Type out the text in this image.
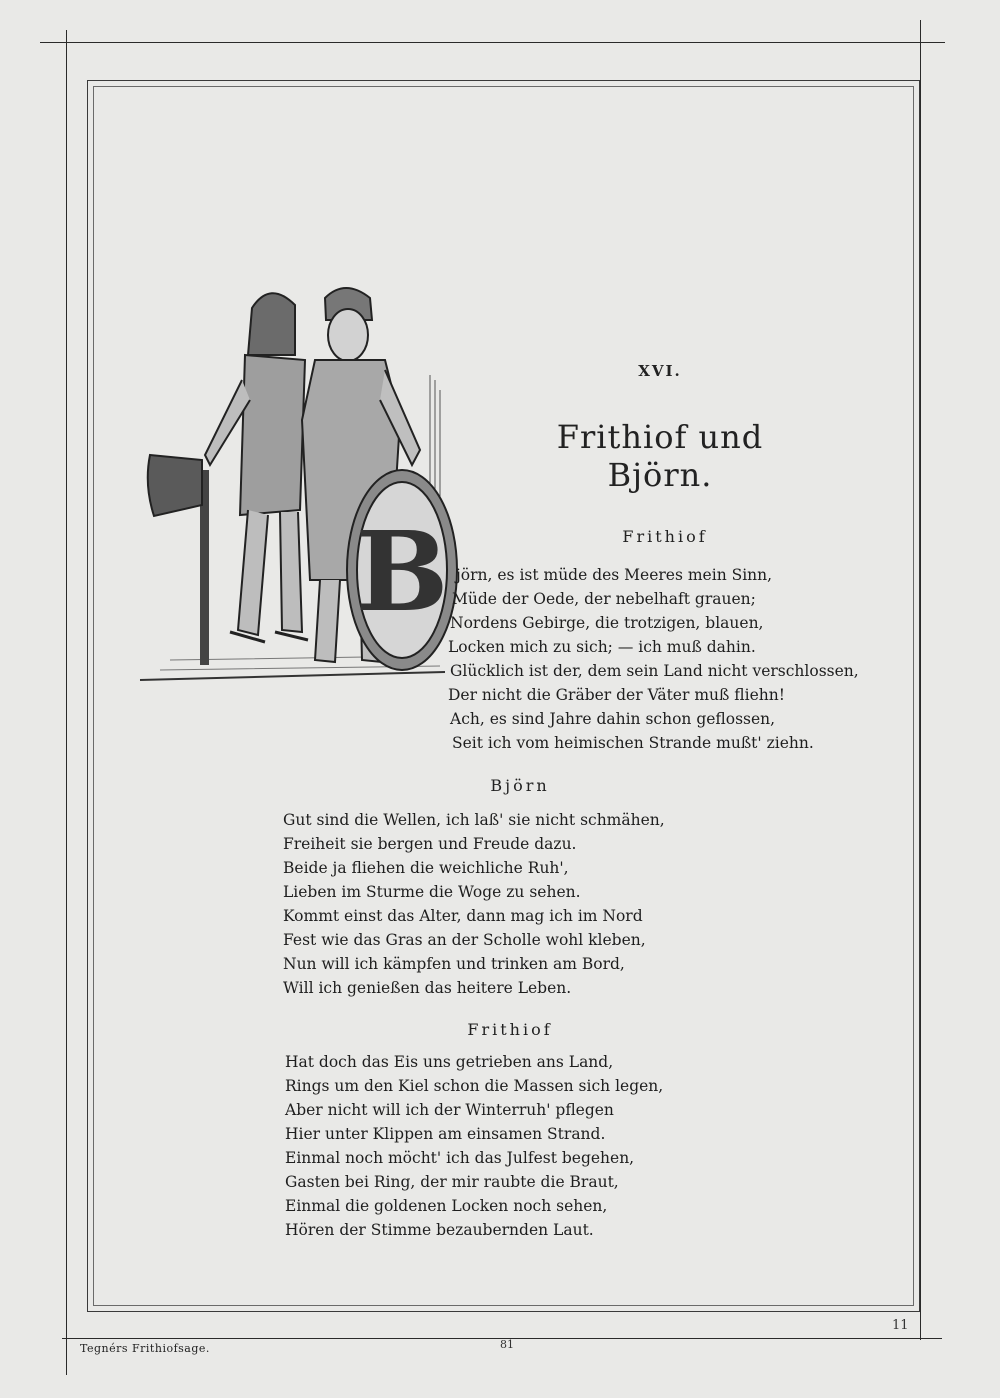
B
XVI.
Frithiof und Björn.
Frithiof
jörn, es ist müde des Meeres mein Sinn,
Müde der Oede, der nebelhaft grauen;
Nordens Gebirge, die trotzigen, blauen,
Locken mich zu sich; — ich muß dahin.
Glücklich ist der, dem sein Land nicht verschlossen,
Der nicht die Gräber der Väter muß fliehn!
Ach, es sind Jahre dahin schon geflossen,
Seit ich vom heimischen Strande mußt' ziehn.
Björn
Gut sind die Wellen, ich laß' sie nicht schmähen,
Freiheit sie bergen und Freude dazu.
Beide ja fliehen die weichliche Ruh',
Lieben im Sturme die Woge zu sehen.
Kommt einst das Alter, dann mag ich im Nord
Fest wie das Gras an der Scholle wohl kleben,
Nun will ich kämpfen und trinken am Bord,
Will ich genießen das heitere Leben.
Frithiof
Hat doch das Eis uns getrieben ans Land,
Rings um den Kiel schon die Massen sich legen,
Aber nicht will ich der Winterruh' pflegen
Hier unter Klippen am einsamen Strand.
Einmal noch möcht' ich das Julfest begehen,
Gasten bei Ring, der mir raubte die Braut,
Einmal die goldenen Locken noch sehen,
Hören der Stimme bezaubernden Laut.
Tegnérs Frithiofsage.	81
11
